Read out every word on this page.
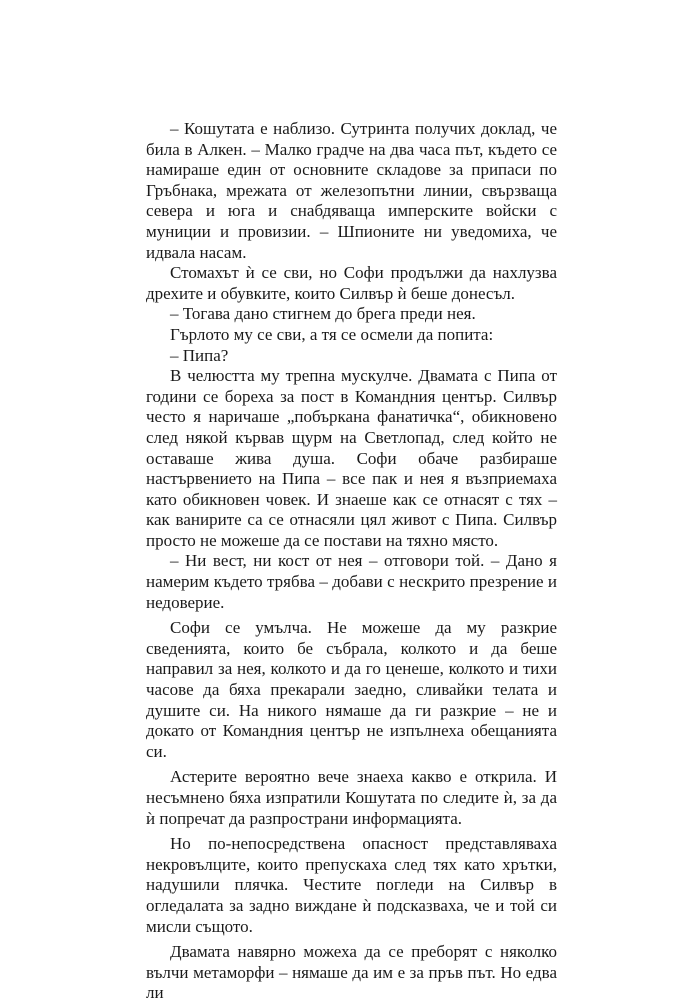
– Кошутата е наблизо. Сутринта получих доклад, че била в Алкен. – Малко градче на два часа път, където се намираше един от основните складове за припаси по Гръбнака, мрежата от железопътни линии, свързваща севера и юга и снабдяваща имперските войски с муниции и провизии. – Шпионите ни уведомиха, че идвала насам.

Стомахът ѝ се сви, но Софи продължи да нахлузва дрехите и обувките, които Силвър ѝ беше донесъл.

– Тогава дано стигнем до брега преди нея.

Гърлото му се сви, а тя се осмели да попита:

– Пипа?

В челюстта му трепна мускулче. Двамата с Пипа от години се бореха за пост в Командния център. Силвър често я наричаше „побъркана фанатичка“, обикновено след някой кървав щурм на Светлопад, след който не оставаше жива душа. Софи обаче разбираше настървението на Пипа – все пак и нея я възприемаха като обикновен човек. И знаеше как се отнасят с тях – как ванирите са се отнасяли цял живот с Пипа. Силвър просто не можеше да се постави на тяхно място.

– Ни вест, ни кост от нея – отговори той. – Дано я намерим където трябва – добави с нескрито презрение и недоверие.

Софи се умълча. Не можеше да му разкрие сведенията, които бе събрала, колкото и да беше направил за нея, колкото и да го ценеше, колкото и тихи часове да бяха прекарали заедно, сливайки телата и душите си. На никого нямаше да ги разкрие – не и докато от Командния център не изпълнеха обещанията си.

Астерите вероятно вече знаеха какво е открила. И несъмнено бяха изпратили Кошутата по следите ѝ, за да ѝ попречат да разпространи информацията.

Но по-непосредствена опасност представляваха некровълците, които препускаха след тях като хрътки, надушили плячка. Честите погледи на Силвър в огледалата за задно виждане ѝ подсказваха, че и той си мисли същото.

Двамата навярно можеха да се преборят с няколко вълчи метаморфи – нямаше да им е за пръв път. Но едва ли
